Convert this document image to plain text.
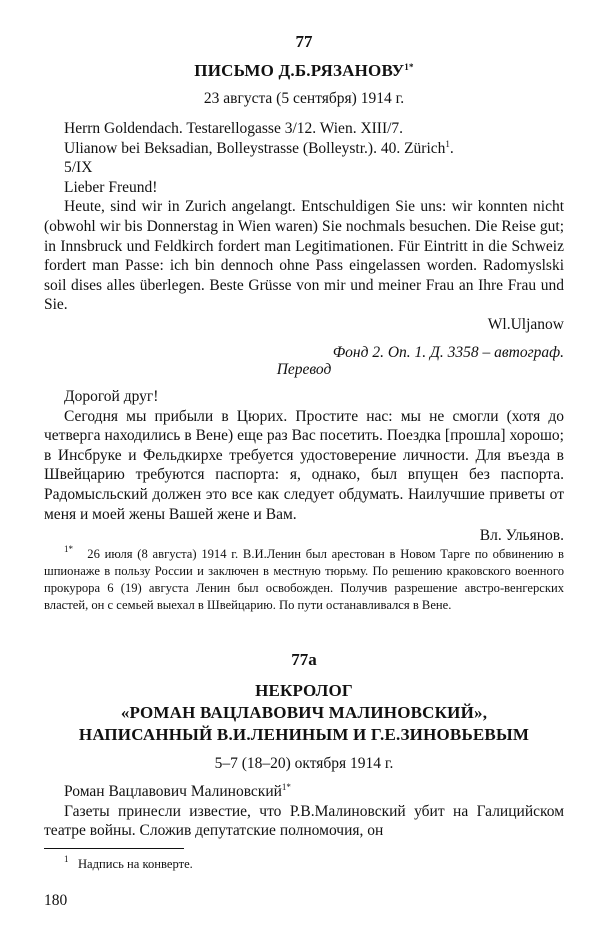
77
ПИСЬМО $Д.Б.РЯЗАНОВУ^{1*}$
23 августа (5 сентября) 1914 г.

Herrn Goldendach. Testarellogasse 3/12. Wien. XIII/7.

Ulianow bei Beksadian, Bolleystrasse (Bolleystr.). 40. Zürich$^1$.

5/IX

Lieber Freund!

Heute, sind wir in Zurich angelangt. Entschuldigen Sie uns: wir konnten nicht (obwohl wir bis Donnerstag in Wien waren) Sie nochmals besuchen. Die Reise gut; in Innsbruck und Feldkirch fordert man Legitimationen. Für Eintritt in die Schweiz fordert man Passe: ich bin dennoch ohne Pass eingelassen worden. Radomyslski soil dises alles überlegen. Beste Grüsse von mir und meiner Frau an Ihre Frau und Sie.

Wl.Uljanow

Фонд 2. Оп. 1. Д. 3358 – автограф.

Перевод

Дорогой друг!

Сегодня мы прибыли в Цюрих. Простите нас: мы не смогли (хотя до четверга находились в Вене) еще раз Вас посетить. Поездка [прошла] хорошо; в Инсбруке и Фельдкирхе требуется удостоверение личности. Для въезда в Швейцарию требуются паспорта: я, однако, был впущен без паспорта. Радомысльский должен это все как следует обдумать. Наилучшие приветы от меня и моей жены Вашей жене и Вам.

Вл. Ульянов.

$^{1*}$ 26 июля (8 августа) 1914 г. В.И.Ленин был арестован в Новом Тарге по обвинению в шпионаже в пользу России и заключен в местную тюрьму. По решению краковского военного прокурора 6 (19) августа Ленин был освобожден. Получив разрешение австро-венгерских властей, он с семьей выехал в Швейцарию. По пути останавливался в Вене.
77а
НЕКРОЛОГ
«РОМАН ВАЦЛАВОВИЧ МАЛИНОВСКИЙ»,
НАПИСАННЫЙ В.И.ЛЕНИНЫМ И Г.Е.ЗИНОВЬЕВЫМ
5–7 (18–20) октября 1914 г.

Роман Вацлавович Малиновский$^{1*}$

Газеты принесли известие, что Р.В.Малиновский убит на Галицийском театре войны. Сложив депутатские полномочия, он

$^1$ Надпись на конверте.
180
